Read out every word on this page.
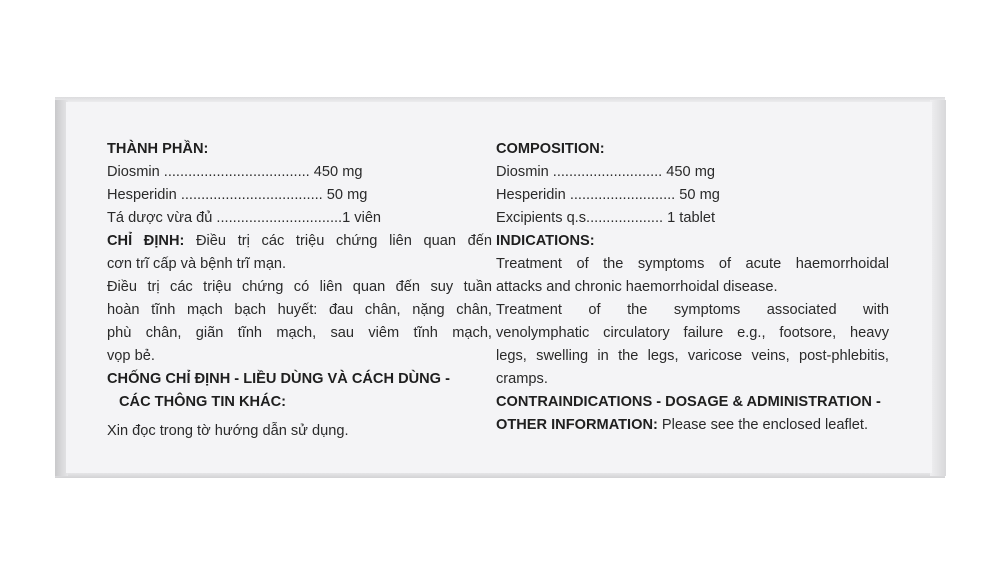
THÀNH PHẦN:
Diosmin .................................... 450 mg
Hesperidin ................................... 50 mg
Tá dược vừa đủ ...............................1 viên
CHỈ ĐỊNH: Điều trị các triệu chứng liên quan đến
cơn trĩ cấp và bệnh trĩ mạn.
Điều trị các triệu chứng có liên quan đến suy tuần
hoàn tĩnh mạch bạch huyết: đau chân, nặng chân,
phù chân, giãn tĩnh mạch, sau viêm tĩnh mạch,
vọp bẻ.
CHỐNG CHỈ ĐỊNH - LIỀU DÙNG VÀ CÁCH DÙNG -
CÁC THÔNG TIN KHÁC:
Xin đọc trong tờ hướng dẫn sử dụng.
COMPOSITION:
Diosmin ........................... 450 mg
Hesperidin .......................... 50 mg
Excipients q.s................... 1 tablet
INDICATIONS:
Treatment of the symptoms of acute haemorrhoidal
attacks and chronic haemorrhoidal disease.
Treatment of the symptoms associated with
venolymphatic circulatory failure e.g., footsore, heavy
legs, swelling in the legs, varicose veins, post-phlebitis,
cramps.
CONTRAINDICATIONS - DOSAGE & ADMINISTRATION -
OTHER INFORMATION: Please see the enclosed leaflet.
